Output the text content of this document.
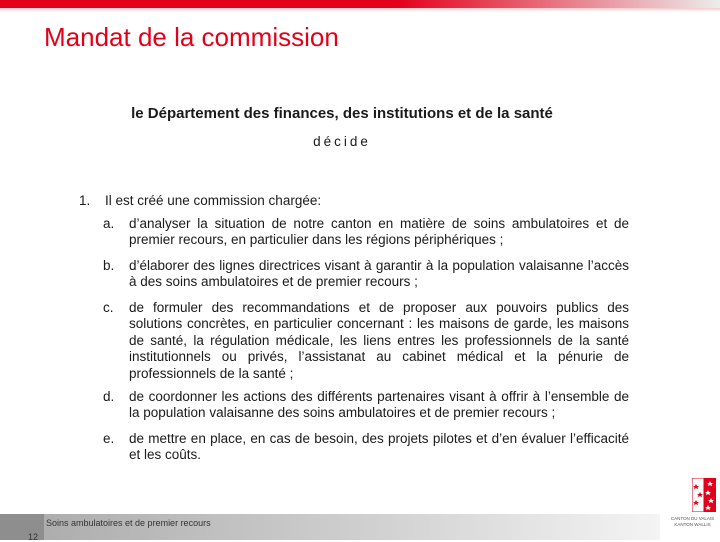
Mandat de la commission
le Département des finances, des institutions et de la santé
décide
1. Il est créé une commission chargée:
a.	d’analyser la situation de notre canton en matière de soins ambulatoires et de premier recours, en particulier dans les régions périphériques ;
b.	d’élaborer des lignes directrices visant à garantir à la population valaisanne l’accès à des soins ambulatoires et de premier recours ;
c.	de formuler des recommandations et de proposer aux pouvoirs publics des solutions concrètes, en particulier concernant : les maisons de garde, les maisons de santé, la régulation médicale, les liens entres les professionnels de la santé institutionnels ou privés, l’assistanat au cabinet médical et la pénurie de professionnels de la santé ;
d.	de coordonner les actions des différents partenaires visant à offrir à l’ensemble de la population valaisanne des soins ambulatoires et de premier recours ;
e.	de mettre en place, en cas de besoin, des projets pilotes et d’en évaluer l’efficacité et les coûts.
Soins ambulatoires et de premier recours
12
CANTON DU VALAIS
KANTON WALLIS
